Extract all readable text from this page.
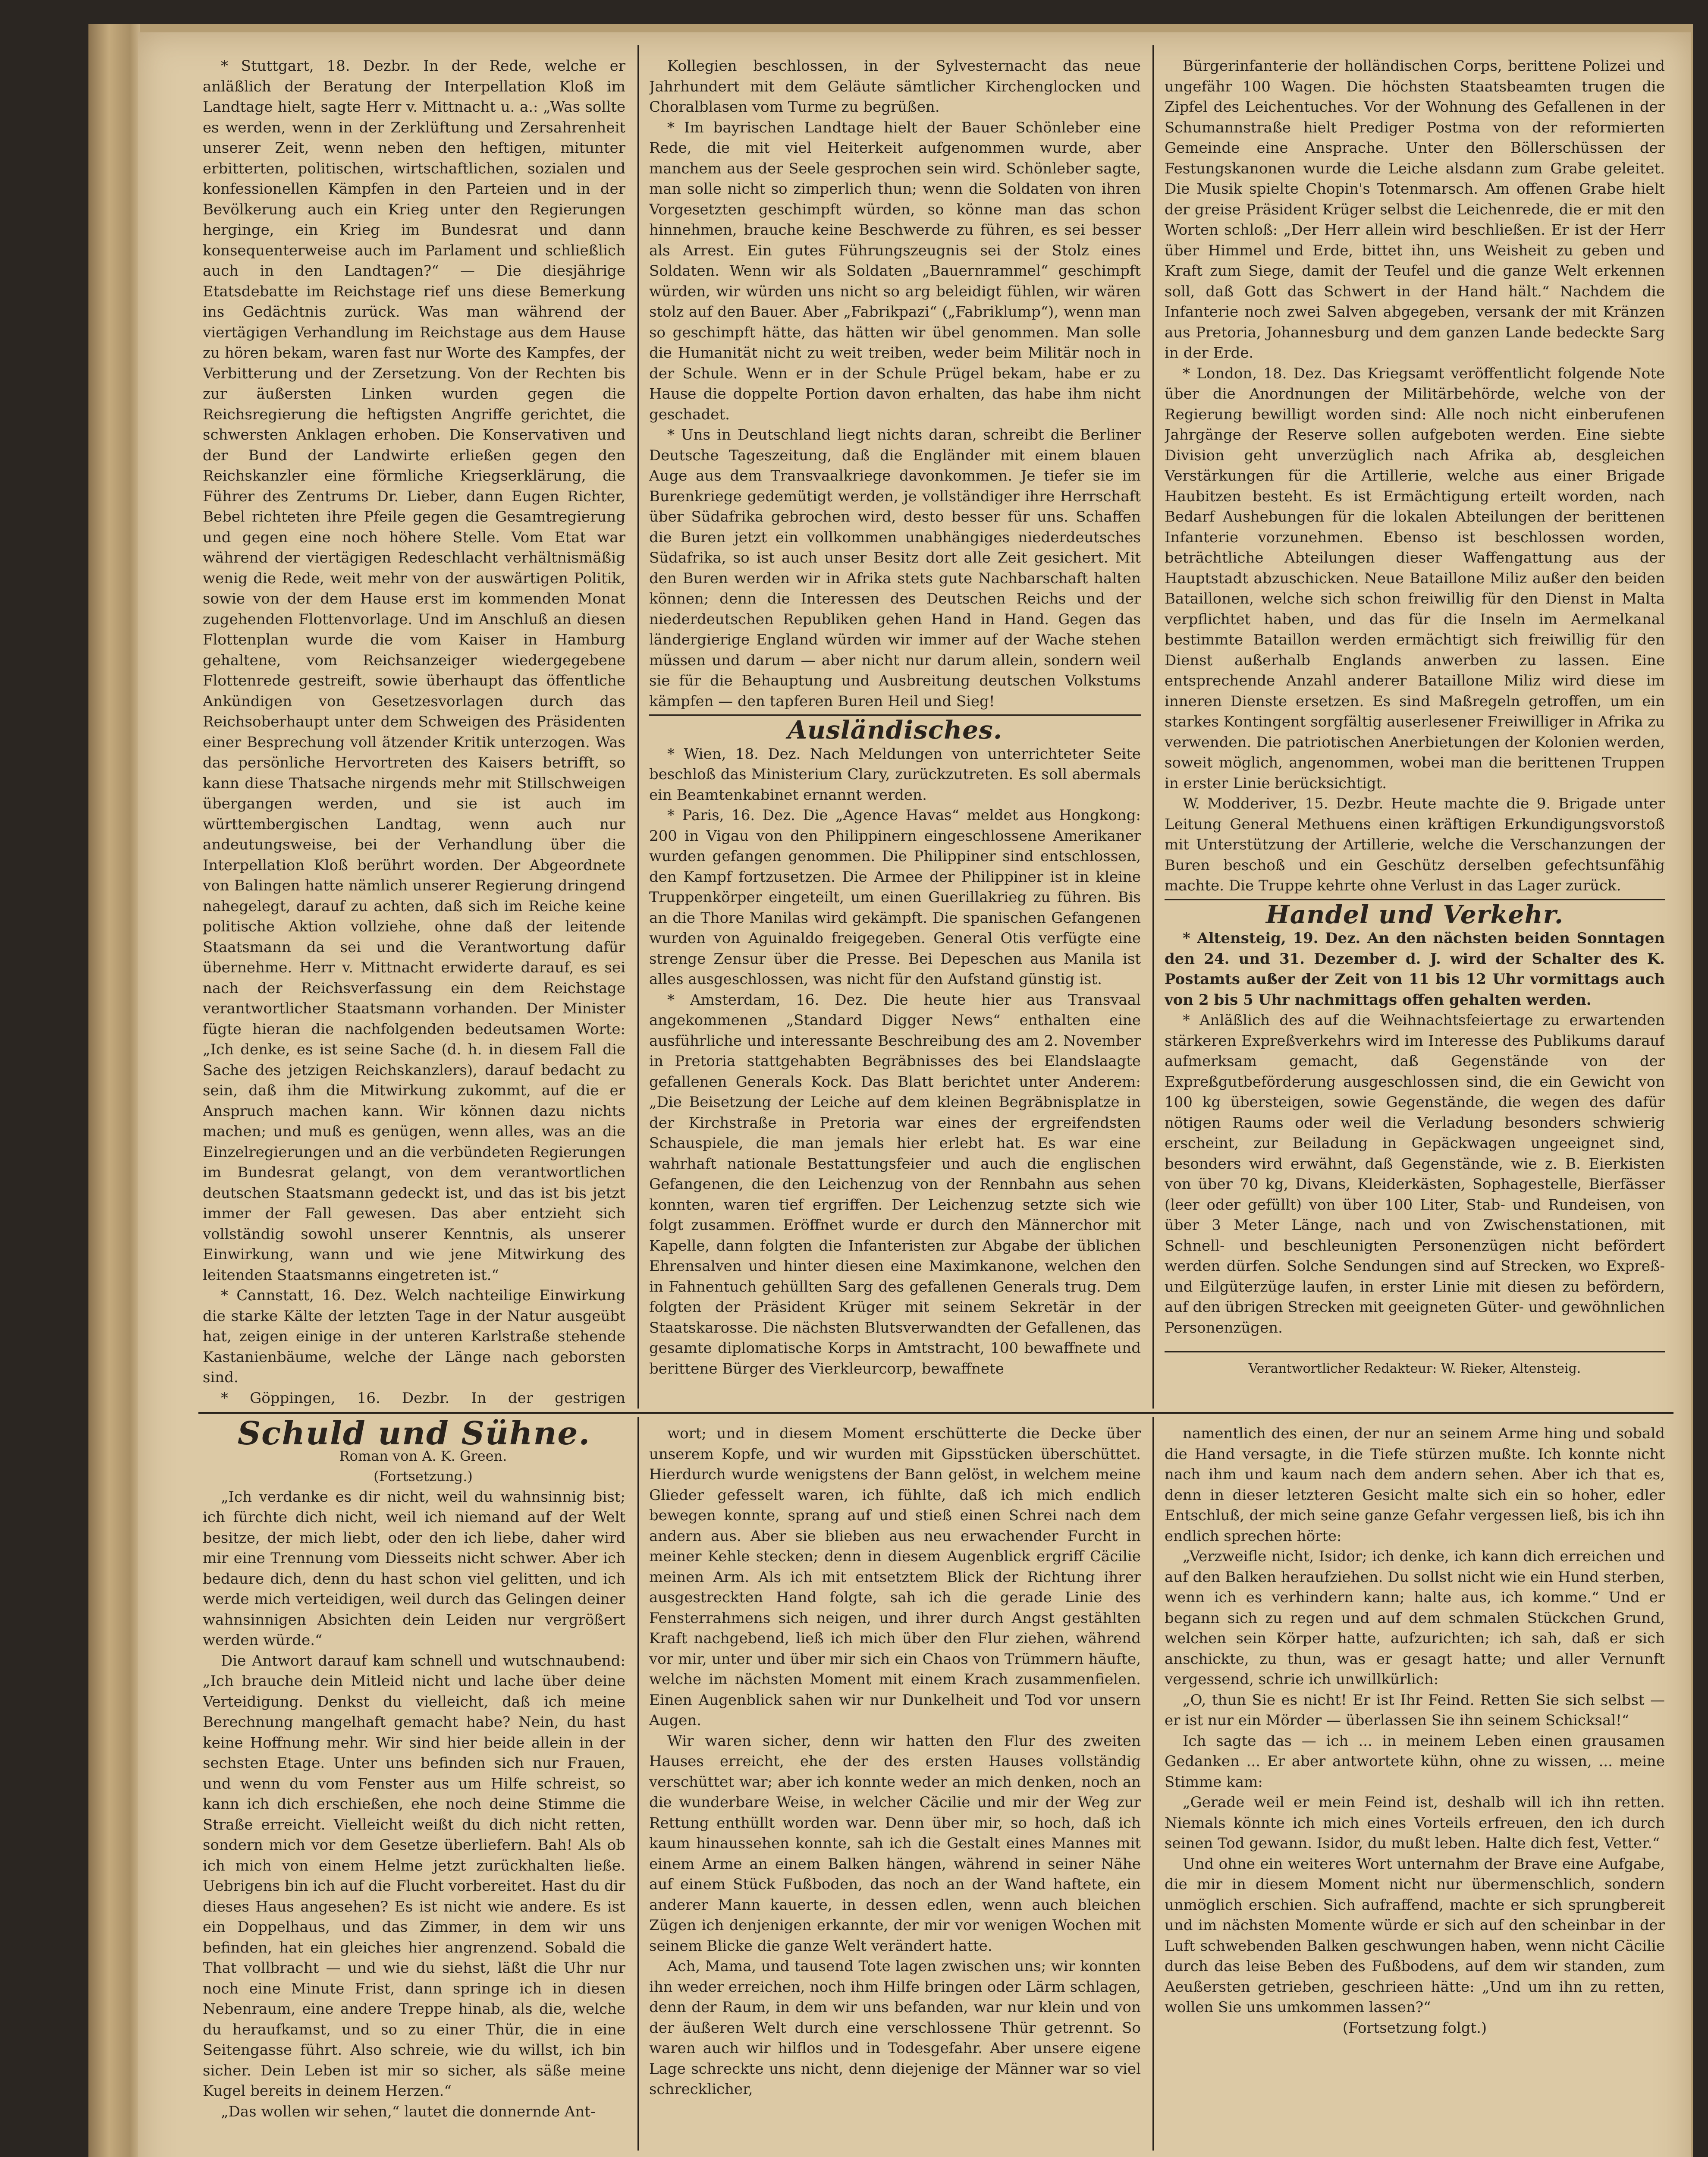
* Stuttgart, 18. Dezbr. In der Rede, welche er anläßlich der Beratung der Interpellation Kloß im Landtage hielt, sagte Herr v. Mittnacht u. a.: „Was sollte es werden, wenn in der Zerklüftung und Zersahrenheit unserer Zeit, wenn neben den heftigen, mitunter erbitterten, politischen, wirtschaftlichen, sozialen und konfessionellen Kämpfen in den Parteien und in der Bevölkerung auch ein Krieg unter den Regierungen herginge, ein Krieg im Bundesrat und dann konsequenterweise auch im Parlament und schließlich auch in den Landtagen?“ — Die diesjährige Etatsdebatte im Reichstage rief uns diese Bemerkung ins Gedächtnis zurück. Was man während der viertägigen Verhandlung im Reichstage aus dem Hause zu hören bekam, waren fast nur Worte des Kampfes, der Verbitterung und der Zersetzung. Von der Rechten bis zur äußersten Linken wurden gegen die Reichsregierung die heftigsten Angriffe gerichtet, die schwersten Anklagen erhoben. Die Konservativen und der Bund der Landwirte erließen gegen den Reichskanzler eine förmliche Kriegserklärung, die Führer des Zentrums Dr. Lieber, dann Eugen Richter, Bebel richteten ihre Pfeile gegen die Gesamtregierung und gegen eine noch höhere Stelle. Vom Etat war während der viertägigen Redeschlacht verhältnismäßig wenig die Rede, weit mehr von der auswärtigen Politik, sowie von der dem Hause erst im kommenden Monat zugehenden Flottenvorlage. Und im Anschluß an diesen Flottenplan wurde die vom Kaiser in Hamburg gehaltene, vom Reichsanzeiger wiedergegebene Flottenrede gestreift, sowie überhaupt das öffentliche Ankündigen von Gesetzesvorlagen durch das Reichsoberhaupt unter dem Schweigen des Präsidenten einer Besprechung voll ätzender Kritik unterzogen. Was das persönliche Hervortreten des Kaisers betrifft, so kann diese Thatsache nirgends mehr mit Stillschweigen übergangen werden, und sie ist auch im württembergischen Landtag, wenn auch nur andeutungsweise, bei der Verhandlung über die Interpellation Kloß berührt worden. Der Abgeordnete von Balingen hatte nämlich unserer Regierung dringend nahegelegt, darauf zu achten, daß sich im Reiche keine politische Aktion vollziehe, ohne daß der leitende Staatsmann da sei und die Verantwortung dafür übernehme. Herr v. Mittnacht erwiderte darauf, es sei nach der Reichsverfassung ein dem Reichstage verantwortlicher Staatsmann vorhanden. Der Minister fügte hieran die nachfolgenden bedeutsamen Worte: „Ich denke, es ist seine Sache (d. h. in diesem Fall die Sache des jetzigen Reichskanzlers), darauf bedacht zu sein, daß ihm die Mitwirkung zukommt, auf die er Anspruch machen kann. Wir können dazu nichts machen; und muß es genügen, wenn alles, was an die Einzelregierungen und an die verbündeten Regierungen im Bundesrat gelangt, von dem verantwortlichen deutschen Staatsmann gedeckt ist, und das ist bis jetzt immer der Fall gewesen. Das aber entzieht sich vollständig sowohl unserer Kenntnis, als unserer Einwirkung, wann und wie jene Mitwirkung des leitenden Staatsmanns eingetreten ist.“

* Cannstatt, 16. Dez. Welch nachteilige Einwirkung die starke Kälte der letzten Tage in der Natur ausgeübt hat, zeigen einige in der unteren Karlstraße stehende Kastanienbäume, welche der Länge nach geborsten sind.

* Göppingen, 16. Dezbr. In der gestrigen

Kollegien beschlossen, in der Sylvesternacht das neue Jahrhundert mit dem Geläute sämtlicher Kirchenglocken und Choralblasen vom Turme zu begrüßen.

* Im bayrischen Landtage hielt der Bauer Schönleber eine Rede, die mit viel Heiterkeit aufgenommen wurde, aber manchem aus der Seele gesprochen sein wird. Schönleber sagte, man solle nicht so zimperlich thun; wenn die Soldaten von ihren Vorgesetzten geschimpft würden, so könne man das schon hinnehmen, brauche keine Beschwerde zu führen, es sei besser als Arrest. Ein gutes Führungszeugnis sei der Stolz eines Soldaten. Wenn wir als Soldaten „Bauernrammel“ geschimpft würden, wir würden uns nicht so arg beleidigt fühlen, wir wären stolz auf den Bauer. Aber „Fabrikpazi“ („Fabriklump“), wenn man so geschimpft hätte, das hätten wir übel genommen. Man solle die Humanität nicht zu weit treiben, weder beim Militär noch in der Schule. Wenn er in der Schule Prügel bekam, habe er zu Hause die doppelte Portion davon erhalten, das habe ihm nicht geschadet.

* Uns in Deutschland liegt nichts daran, schreibt die Berliner Deutsche Tageszeitung, daß die Engländer mit einem blauen Auge aus dem Transvaalkriege davonkommen. Je tiefer sie im Burenkriege gedemütigt werden, je vollständiger ihre Herrschaft über Südafrika gebrochen wird, desto besser für uns. Schaffen die Buren jetzt ein vollkommen unabhängiges niederdeutsches Südafrika, so ist auch unser Besitz dort alle Zeit gesichert. Mit den Buren werden wir in Afrika stets gute Nachbarschaft halten können; denn die Interessen des Deutschen Reichs und der niederdeutschen Republiken gehen Hand in Hand. Gegen das ländergierige England würden wir immer auf der Wache stehen müssen und darum — aber nicht nur darum allein, sondern weil sie für die Behauptung und Ausbreitung deutschen Volkstums kämpfen — den tapferen Buren Heil und Sieg!

Ausländisches.

* Wien, 18. Dez. Nach Meldungen von unterrichteter Seite beschloß das Ministerium Clary, zurückzutreten. Es soll abermals ein Beamtenkabinet ernannt werden.

* Paris, 16. Dez. Die „Agence Havas“ meldet aus Hongkong: 200 in Vigau von den Philippinern eingeschlossene Amerikaner wurden gefangen genommen. Die Philippiner sind entschlossen, den Kampf fortzusetzen. Die Armee der Philippiner ist in kleine Truppenkörper eingeteilt, um einen Guerillakrieg zu führen. Bis an die Thore Manilas wird gekämpft. Die spanischen Gefangenen wurden von Aguinaldo freigegeben. General Otis verfügte eine strenge Zensur über die Presse. Bei Depeschen aus Manila ist alles ausgeschlossen, was nicht für den Aufstand günstig ist.

* Amsterdam, 16. Dez. Die heute hier aus Transvaal angekommenen „Standard Digger News“ enthalten eine ausführliche und interessante Beschreibung des am 2. November in Pretoria stattgehabten Begräbnisses des bei Elandslaagte gefallenen Generals Kock. Das Blatt berichtet unter Anderem: „Die Beisetzung der Leiche auf dem kleinen Begräbnisplatze in der Kirchstraße in Pretoria war eines der ergreifendsten Schauspiele, die man jemals hier erlebt hat. Es war eine wahrhaft nationale Bestattungsfeier und auch die englischen Gefangenen, die den Leichenzug von der Rennbahn aus sehen konnten, waren tief ergriffen. Der Leichenzug setzte sich wie folgt zusammen. Eröffnet wurde er durch den Männerchor mit Kapelle, dann folgten die Infanteristen zur Abgabe der üblichen Ehrensalven und hinter diesen eine Maximkanone, welchen den in Fahnentuch gehüllten Sarg des gefallenen Generals trug. Dem folgten der Präsident Krüger mit seinem Sekretär in der Staatskarosse. Die nächsten Blutsverwandten der Gefallenen, das gesamte diplomatische Korps in Amtstracht, 100 bewaffnete und berittene Bürger des Vierkleurcorp, bewaffnete

Bürgerinfanterie der holländischen Corps, berittene Polizei und ungefähr 100 Wagen. Die höchsten Staatsbeamten trugen die Zipfel des Leichentuches. Vor der Wohnung des Gefallenen in der Schumannstraße hielt Prediger Postma von der reformierten Gemeinde eine Ansprache. Unter den Böllerschüssen der Festungskanonen wurde die Leiche alsdann zum Grabe geleitet. Die Musik spielte Chopin's Totenmarsch. Am offenen Grabe hielt der greise Präsident Krüger selbst die Leichenrede, die er mit den Worten schloß: „Der Herr allein wird beschließen. Er ist der Herr über Himmel und Erde, bittet ihn, uns Weisheit zu geben und Kraft zum Siege, damit der Teufel und die ganze Welt erkennen soll, daß Gott das Schwert in der Hand hält.“ Nachdem die Infanterie noch zwei Salven abgegeben, versank der mit Kränzen aus Pretoria, Johannesburg und dem ganzen Lande bedeckte Sarg in der Erde.

* London, 18. Dez. Das Kriegsamt veröffentlicht folgende Note über die Anordnungen der Militärbehörde, welche von der Regierung bewilligt worden sind: Alle noch nicht einberufenen Jahrgänge der Reserve sollen aufgeboten werden. Eine siebte Division geht unverzüglich nach Afrika ab, desgleichen Verstärkungen für die Artillerie, welche aus einer Brigade Haubitzen besteht. Es ist Ermächtigung erteilt worden, nach Bedarf Aushebungen für die lokalen Abteilungen der berittenen Infanterie vorzunehmen. Ebenso ist beschlossen worden, beträchtliche Abteilungen dieser Waffengattung aus der Hauptstadt abzuschicken. Neue Bataillone Miliz außer den beiden Bataillonen, welche sich schon freiwillig für den Dienst in Malta verpflichtet haben, und das für die Inseln im Aermelkanal bestimmte Bataillon werden ermächtigt sich freiwillig für den Dienst außerhalb Englands anwerben zu lassen. Eine entsprechende Anzahl anderer Bataillone Miliz wird diese im inneren Dienste ersetzen. Es sind Maßregeln getroffen, um ein starkes Kontingent sorgfältig auserlesener Freiwilliger in Afrika zu verwenden. Die patriotischen Anerbietungen der Kolonien werden, soweit möglich, angenommen, wobei man die berittenen Truppen in erster Linie berücksichtigt.

W. Modderiver, 15. Dezbr. Heute machte die 9. Brigade unter Leitung General Methuens einen kräftigen Erkundigungsvorstoß mit Unterstützung der Artillerie, welche die Verschanzungen der Buren beschoß und ein Geschütz derselben gefechtsunfähig machte. Die Truppe kehrte ohne Verlust in das Lager zurück.

Handel und Verkehr.

* Altensteig, 19. Dez. An den nächsten beiden Sonntagen den 24. und 31. Dezember d. J. wird der Schalter des K. Postamts außer der Zeit von 11 bis 12 Uhr vormittags auch von 2 bis 5 Uhr nachmittags offen gehalten werden.

* Anläßlich des auf die Weihnachtsfeiertage zu erwartenden stärkeren Expreßverkehrs wird im Interesse des Publikums darauf aufmerksam gemacht, daß Gegenstände von der Expreßgutbeförderung ausgeschlossen sind, die ein Gewicht von 100 kg übersteigen, sowie Gegenstände, die wegen des dafür nötigen Raums oder weil die Verladung besonders schwierig erscheint, zur Beiladung in Gepäckwagen ungeeignet sind, besonders wird erwähnt, daß Gegenstände, wie z. B. Eierkisten von über 70 kg, Divans, Kleiderkästen, Sophagestelle, Bierfässer (leer oder gefüllt) von über 100 Liter, Stab- und Rundeisen, von über 3 Meter Länge, nach und von Zwischenstationen, mit Schnell- und beschleunigten Personenzügen nicht befördert werden dürfen. Solche Sendungen sind auf Strecken, wo Expreß- und Eilgüterzüge laufen, in erster Linie mit diesen zu befördern, auf den übrigen Strecken mit geeigneten Güter- und gewöhnlichen Personenzügen.

Verantwortlicher Redakteur: W. Rieker, Altensteig.
Schuld und Sühne.

Roman von A. K. Green.

(Fortsetzung.)

„Ich verdanke es dir nicht, weil du wahnsinnig bist; ich fürchte dich nicht, weil ich niemand auf der Welt besitze, der mich liebt, oder den ich liebe, daher wird mir eine Trennung vom Diesseits nicht schwer. Aber ich bedaure dich, denn du hast schon viel gelitten, und ich werde mich verteidigen, weil durch das Gelingen deiner wahnsinnigen Absichten dein Leiden nur vergrößert werden würde.“

Die Antwort darauf kam schnell und wutschnaubend: „Ich brauche dein Mitleid nicht und lache über deine Verteidigung. Denkst du vielleicht, daß ich meine Berechnung mangelhaft gemacht habe? Nein, du hast keine Hoffnung mehr. Wir sind hier beide allein in der sechsten Etage. Unter uns befinden sich nur Frauen, und wenn du vom Fenster aus um Hilfe schreist, so kann ich dich erschießen, ehe noch deine Stimme die Straße erreicht. Vielleicht weißt du dich nicht retten, sondern mich vor dem Gesetze überliefern. Bah! Als ob ich mich von einem Helme jetzt zurückhalten ließe. Uebrigens bin ich auf die Flucht vorbereitet. Hast du dir dieses Haus angesehen? Es ist nicht wie andere. Es ist ein Doppelhaus, und das Zimmer, in dem wir uns befinden, hat ein gleiches hier angrenzend. Sobald die That vollbracht — und wie du siehst, läßt die Uhr nur noch eine Minute Frist, dann springe ich in diesen Nebenraum, eine andere Treppe hinab, als die, welche du heraufkamst, und so zu einer Thür, die in eine Seitengasse führt. Also schreie, wie du willst, ich bin sicher. Dein Leben ist mir so sicher, als säße meine Kugel bereits in deinem Herzen.“

„Das wollen wir sehen,“ lautet die donnernde Ant-

wort; und in diesem Moment erschütterte die Decke über unserem Kopfe, und wir wurden mit Gipsstücken überschüttet. Hierdurch wurde wenigstens der Bann gelöst, in welchem meine Glieder gefesselt waren, ich fühlte, daß ich mich endlich bewegen konnte, sprang auf und stieß einen Schrei nach dem andern aus. Aber sie blieben aus neu erwachender Furcht in meiner Kehle stecken; denn in diesem Augenblick ergriff Cäcilie meinen Arm. Als ich mit entsetztem Blick der Richtung ihrer ausgestreckten Hand folgte, sah ich die gerade Linie des Fensterrahmens sich neigen, und ihrer durch Angst gestählten Kraft nachgebend, ließ ich mich über den Flur ziehen, während vor mir, unter und über mir sich ein Chaos von Trümmern häufte, welche im nächsten Moment mit einem Krach zusammenfielen. Einen Augenblick sahen wir nur Dunkelheit und Tod vor unsern Augen.

Wir waren sicher, denn wir hatten den Flur des zweiten Hauses erreicht, ehe der des ersten Hauses vollständig verschüttet war; aber ich konnte weder an mich denken, noch an die wunderbare Weise, in welcher Cäcilie und mir der Weg zur Rettung enthüllt worden war. Denn über mir, so hoch, daß ich kaum hinaussehen konnte, sah ich die Gestalt eines Mannes mit einem Arme an einem Balken hängen, während in seiner Nähe auf einem Stück Fußboden, das noch an der Wand haftete, ein anderer Mann kauerte, in dessen edlen, wenn auch bleichen Zügen ich denjenigen erkannte, der mir vor wenigen Wochen mit seinem Blicke die ganze Welt verändert hatte.

Ach, Mama, und tausend Tote lagen zwischen uns; wir konnten ihn weder erreichen, noch ihm Hilfe bringen oder Lärm schlagen, denn der Raum, in dem wir uns befanden, war nur klein und von der äußeren Welt durch eine verschlossene Thür getrennt. So waren auch wir hilflos und in Todesgefahr. Aber unsere eigene Lage schreckte uns nicht, denn diejenige der Männer war so viel schrecklicher,

namentlich des einen, der nur an seinem Arme hing und sobald die Hand versagte, in die Tiefe stürzen mußte. Ich konnte nicht nach ihm und kaum nach dem andern sehen. Aber ich that es, denn in dieser letzteren Gesicht malte sich ein so hoher, edler Entschluß, der mich seine ganze Gefahr vergessen ließ, bis ich ihn endlich sprechen hörte:

„Verzweifle nicht, Isidor; ich denke, ich kann dich erreichen und auf den Balken heraufziehen. Du sollst nicht wie ein Hund sterben, wenn ich es verhindern kann; halte aus, ich komme.“ Und er begann sich zu regen und auf dem schmalen Stückchen Grund, welchen sein Körper hatte, aufzurichten; ich sah, daß er sich anschickte, zu thun, was er gesagt hatte; und aller Vernunft vergessend, schrie ich unwillkürlich:

„O, thun Sie es nicht! Er ist Ihr Feind. Retten Sie sich selbst — er ist nur ein Mörder — überlassen Sie ihn seinem Schicksal!“

Ich sagte das — ich ... in meinem Leben einen grausamen Gedanken ... Er aber antwortete kühn, ohne zu wissen, ... meine Stimme kam:

„Gerade weil er mein Feind ist, deshalb will ich ihn retten. Niemals könnte ich mich eines Vorteils erfreuen, den ich durch seinen Tod gewann. Isidor, du mußt leben. Halte dich fest, Vetter.“

Und ohne ein weiteres Wort unternahm der Brave eine Aufgabe, die mir in diesem Moment nicht nur übermenschlich, sondern unmöglich erschien. Sich aufraffend, machte er sich sprungbereit und im nächsten Momente würde er sich auf den scheinbar in der Luft schwebenden Balken geschwungen haben, wenn nicht Cäcilie durch das leise Beben des Fußbodens, auf dem wir standen, zum Aeußersten getrieben, geschrieen hätte: „Und um ihn zu retten, wollen Sie uns umkommen lassen?“

(Fortsetzung folgt.)
